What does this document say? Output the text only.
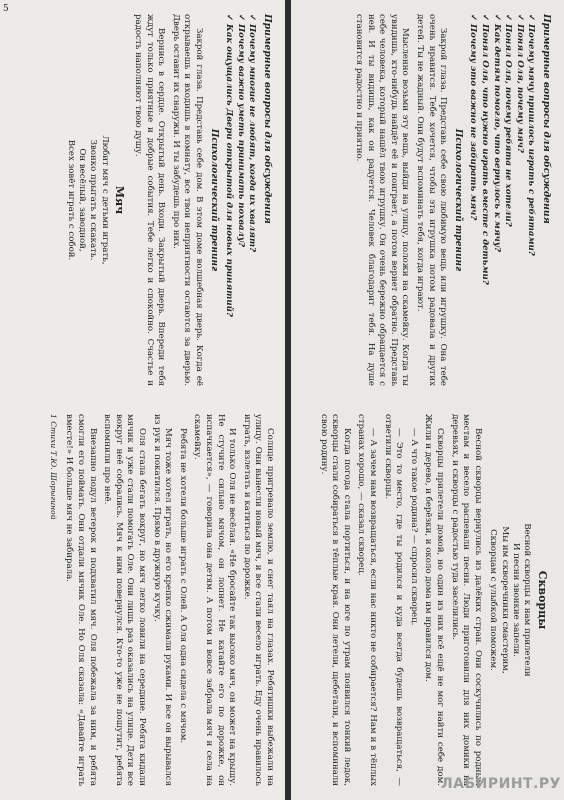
Примерные вопросы для обсуждения

✓ Почему многие не любят, когда их хвалят?

✓ Почему важно уметь принимать похвалу?

✓ Как ощущались Двери открытой для новых принятий?

Психологический тренинг

Закрой глаза. Представь себе дом. В этом доме волшебная дверь. Когда её открываешь и входишь в комнату, все твои неприятности остаются за дверью. Дверь оставит их снаружи. И ты забудешь про них.

Вернись в сердце. Открытый день. Входи. Закрытый дверь. Впереди тебя ждут только приятные и добрые события. Тебе легко и спокойно. Счастье и радость наполняют твою душу.

Мяч
Любит мяч с детьми играть,
Звонко прыгать и скакать.
Он весёлый, заводной,
Всех зовёт играть с собой.

Солнце пригревало землю, и снег таял на глазах. Ребятишки выбежали на улицу. Они вынесли новый мяч, и все стали весело играть. Еду очень нравилось играть, взлетать и катиться по дорожке.

И только Оля не весёлая. «Не бросайте так высоко мяч, он может на крышу. Не стучите сильно мячом, он лопнет. Не катайте его по дорожке, он испачкается», — говорила она детям. А потом и вовсе забрала мяч и села на скамейку.

Ребята не хотели больше играть с Олей. А Оля одна сидела с мячом.

Мяч тоже хотел играть, но его крепко сжимали руками. И все он вырывался из рук и покатился. Прямо в дружную кучку.

Оля стала бегать вокруг, но мяч легко ловили на середине. Ребята кидали мячик и уже стали помогать Оле. Они лишь раз оказались на улице. Дети все вокруг неё собрались. Мяч к ним повернулся. Кто-то уже не пошутит, ребята вспомнили про неё.

Внезапно подул ветерок и подхватил мяч. Оля побежала за ним, и ребята смогли его поймать. Они отдали мячик Оле. Но Оля сказала: «Давайте играть вместе!» И больше мяч не забирала.

1 Стихи Т.Ю. Шорыгиной
5
Примерные вопросы для обсуждения

✓ Почему мячу пришлось играть с ребятами?

✓ Понял Оля, почему мяч?

✓ Понял Оля, почему ребята не хотели?

✓ Как детям помогло, что вернулось к мячу?

✓ Понял Оля, что нужно играть вместе с детьми?

✓ Почему это важно не забирать мяч?

Психологический тренинг

Закрой глаза. Представь себе свою любимую вещь или игрушку. Она тебе очень нравится. Тебе хочется, чтобы эта игрушка потом радовала и других детей. Ты не жадный. Они будут вспоминать тебя, когда играют.

Мысленно возьми эту вещь, выйди на улицу, положи на скамейку. Когда ты увидишь, кто-нибудь найдёт её и поиграет, а потом вернет обратно. Представь себе человека, который нашёл твою игрушку. Он очень бережно обращается с ней. И ты видишь, как он радуется. Человек благодарит тебя. На душе становится радостно и приятно.

Скворцы
Весной скворцы к нам прилетели
И песни звонкие запели.
Мы им скворечники смастерим,
Скворцам с улыбкой поможем.

Весной скворцы вернулись из далёких стран. Они соскучились по родным местам и весело распевали песни. Люди приготовили для них домики на деревьях, и скворцы с радостью туда заселились.

Скворцы прилетели домой, но один из них всё ещё не мог найти себе дом. Жили и дерево, и берёзки, и около дома им нравился дом.

— А что такое родина? — спросил скворец.

— Это то место, где ты родился и куда всегда будешь возвращаться, — ответили скворцы.

— А зачем нам возвращаться, если нас никто не собирается? Нам и в тёплых странах хорошо, — сказал скворец.

Когда погода стала портиться, и на юге по утрам появился тонкий ледок, скворцы стали собираться в тёплые края. Они летели, щебетали, и вспоминали свою родину.

ЛАБИРИНТ.РУ
